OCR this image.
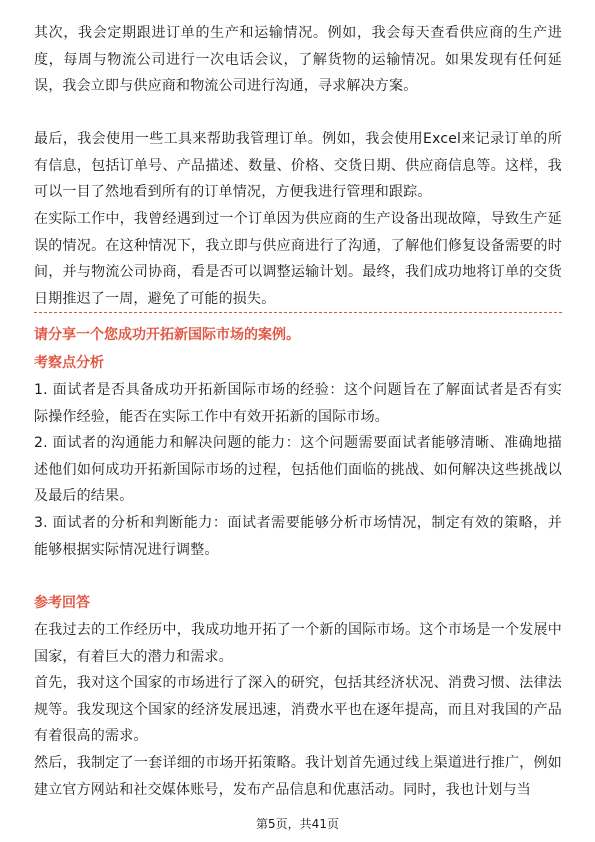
其次，我会定期跟进订单的生产和运输情况。例如，我会每天查看供应商的生产进度，每周与物流公司进行一次电话会议，了解货物的运输情况。如果发现有任何延误，我会立即与供应商和物流公司进行沟通，寻求解决方案。

最后，我会使用一些工具来帮助我管理订单。例如，我会使用Excel来记录订单的所有信息，包括订单号、产品描述、数量、价格、交货日期、供应商信息等。这样，我可以一目了然地看到所有的订单情况，方便我进行管理和跟踪。

在实际工作中，我曾经遇到过一个订单因为供应商的生产设备出现故障，导致生产延误的情况。在这种情况下，我立即与供应商进行了沟通，了解他们修复设备需要的时间，并与物流公司协商，看是否可以调整运输计划。最终，我们成功地将订单的交货日期推迟了一周，避免了可能的损失。

请分享一个您成功开拓新国际市场的案例。

考察点分析

1. 面试者是否具备成功开拓新国际市场的经验：这个问题旨在了解面试者是否有实际操作经验，能否在实际工作中有效开拓新的国际市场。

2. 面试者的沟通能力和解决问题的能力：这个问题需要面试者能够清晰、准确地描述他们如何成功开拓新国际市场的过程，包括他们面临的挑战、如何解决这些挑战以及最后的结果。

3. 面试者的分析和判断能力：面试者需要能够分析市场情况，制定有效的策略，并能够根据实际情况进行调整。

参考回答

在我过去的工作经历中，我成功地开拓了一个新的国际市场。这个市场是一个发展中国家，有着巨大的潜力和需求。

首先，我对这个国家的市场进行了深入的研究，包括其经济状况、消费习惯、法律法规等。我发现这个国家的经济发展迅速，消费水平也在逐年提高，而且对我国的产品有着很高的需求。

然后，我制定了一套详细的市场开拓策略。我计划首先通过线上渠道进行推广，例如建立官方网站和社交媒体账号，发布产品信息和优惠活动。同时，我也计划与当

第5页，共41页
